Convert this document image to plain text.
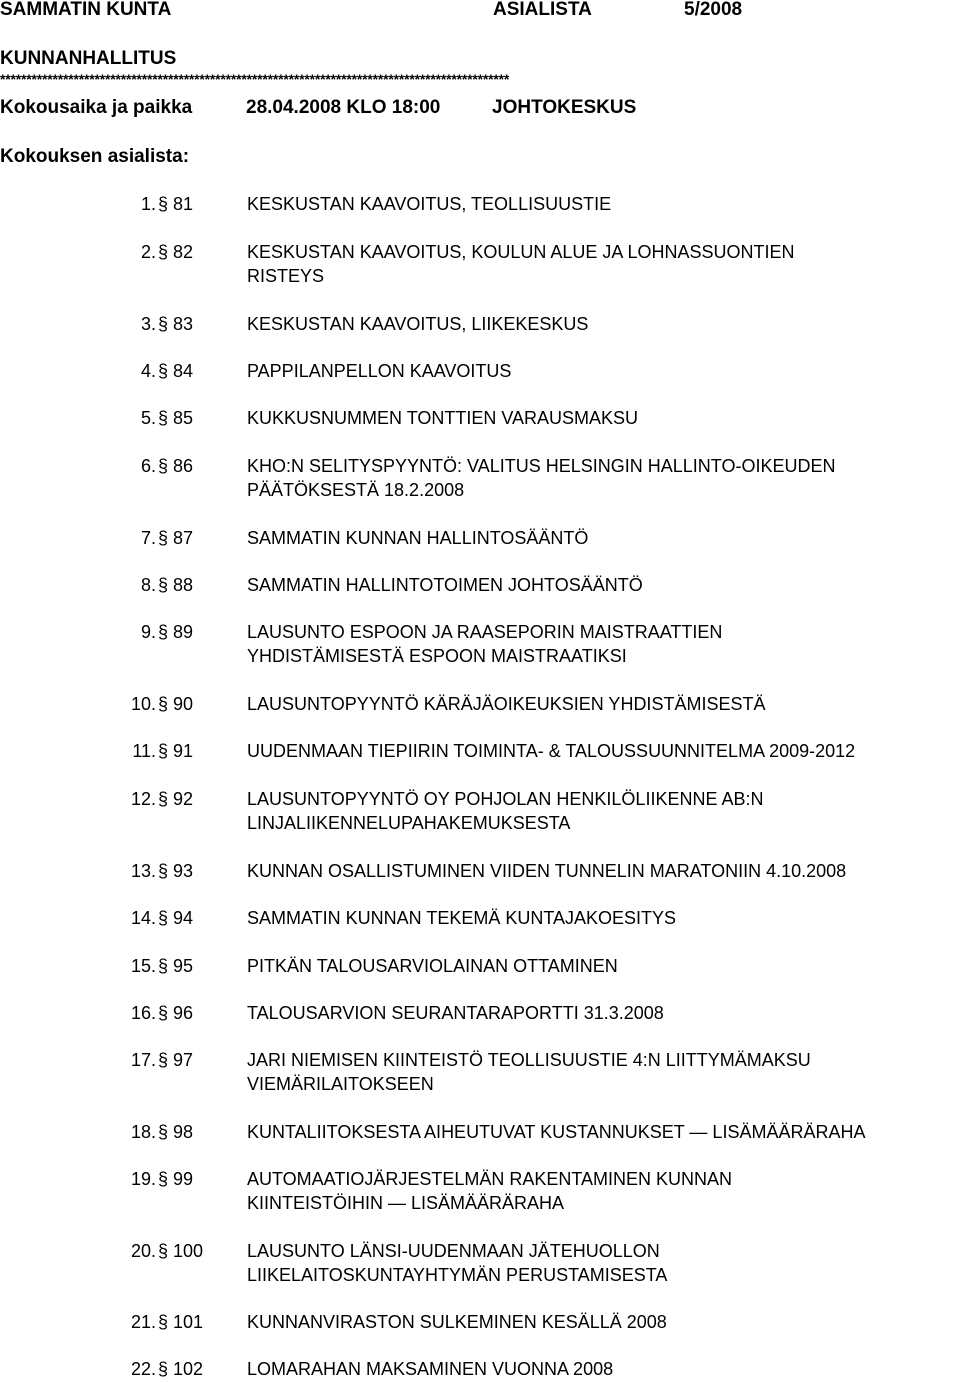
SAMMATIN KUNTA	ASIALISTA	5/2008
KUNNANHALLITUS
*************************************************************************************************
Kokousaika ja paikka	28.04.2008 KLO 18:00	JOHTOKESKUS
Kokouksen asialista:
1. § 81	KESKUSTAN KAAVOITUS, TEOLLISUUSTIE
2. § 82	KESKUSTAN KAAVOITUS, KOULUN ALUE JA LOHNASSUONTIEN
RISTEYS
3. § 83	KESKUSTAN KAAVOITUS, LIIKEKESKUS
4. § 84	PAPPILANPELLON KAAVOITUS
5. § 85	KUKKUSNUMMEN TONTTIEN VARAUSMAKSU
6. § 86	KHO:N SELITYSPYYNTÖ: VALITUS HELSINGIN HALLINTO-OIKEUDEN
PÄÄTÖKSESTÄ 18.2.2008
7. § 87	SAMMATIN KUNNAN HALLINTOSÄÄNTÖ
8. § 88	SAMMATIN HALLINTOTOIMEN JOHTOSÄÄNTÖ
9. § 89	LAUSUNTO ESPOON JA RAASEPORIN MAISTRAATTIEN
YHDISTÄMISESTÄ ESPOON MAISTRAATIKSI
10. § 90	LAUSUNTOPYYNTÖ KÄRÄJÄOIKEUKSIEN YHDISTÄMISESTÄ
11. § 91	UUDENMAAN TIEPIIRIN TOIMINTA- & TALOUSSUUNNITELMA 2009-2012
12. § 92	LAUSUNTOPYYNTÖ OY POHJOLAN HENKILÖLIIKENNE AB:N
LINJALIIKENNELUPAHAKEMUKSESTA
13. § 93	KUNNAN OSALLISTUMINEN VIIDEN TUNNELIN MARATONIIN 4.10.2008
14. § 94	SAMMATIN KUNNAN TEKEMÄ KUNTAJAKOESITYS
15. § 95	PITKÄN TALOUSARVIOLAINAN OTTAMINEN
16. § 96	TALOUSARVION SEURANTARAPORTTI 31.3.2008
17. § 97	JARI NIEMISEN KIINTEISTÖ TEOLLISUUSTIE 4:N LIITTYMÄMAKSU
VIEMÄRILAITOKSEEN
18. § 98	KUNTALIITOKSESTA AIHEUTUVAT KUSTANNUKSET — LISÄMÄÄRÄRAHA
19. § 99	AUTOMAATIOJÄRJESTELMÄN RAKENTAMINEN KUNNAN
KIINTEISTÖIHIN — LISÄMÄÄRÄRAHA
20. § 100	LAUSUNTO LÄNSI-UUDENMAAN JÄTEHUOLLON
LIIKELAITOSKUNTAYHTYMÄN PERUSTAMISESTA
21. § 101	KUNNANVIRASTON SULKEMINEN KESÄLLÄ 2008
22. § 102	LOMARAHAN MAKSAMINEN VUONNA 2008
